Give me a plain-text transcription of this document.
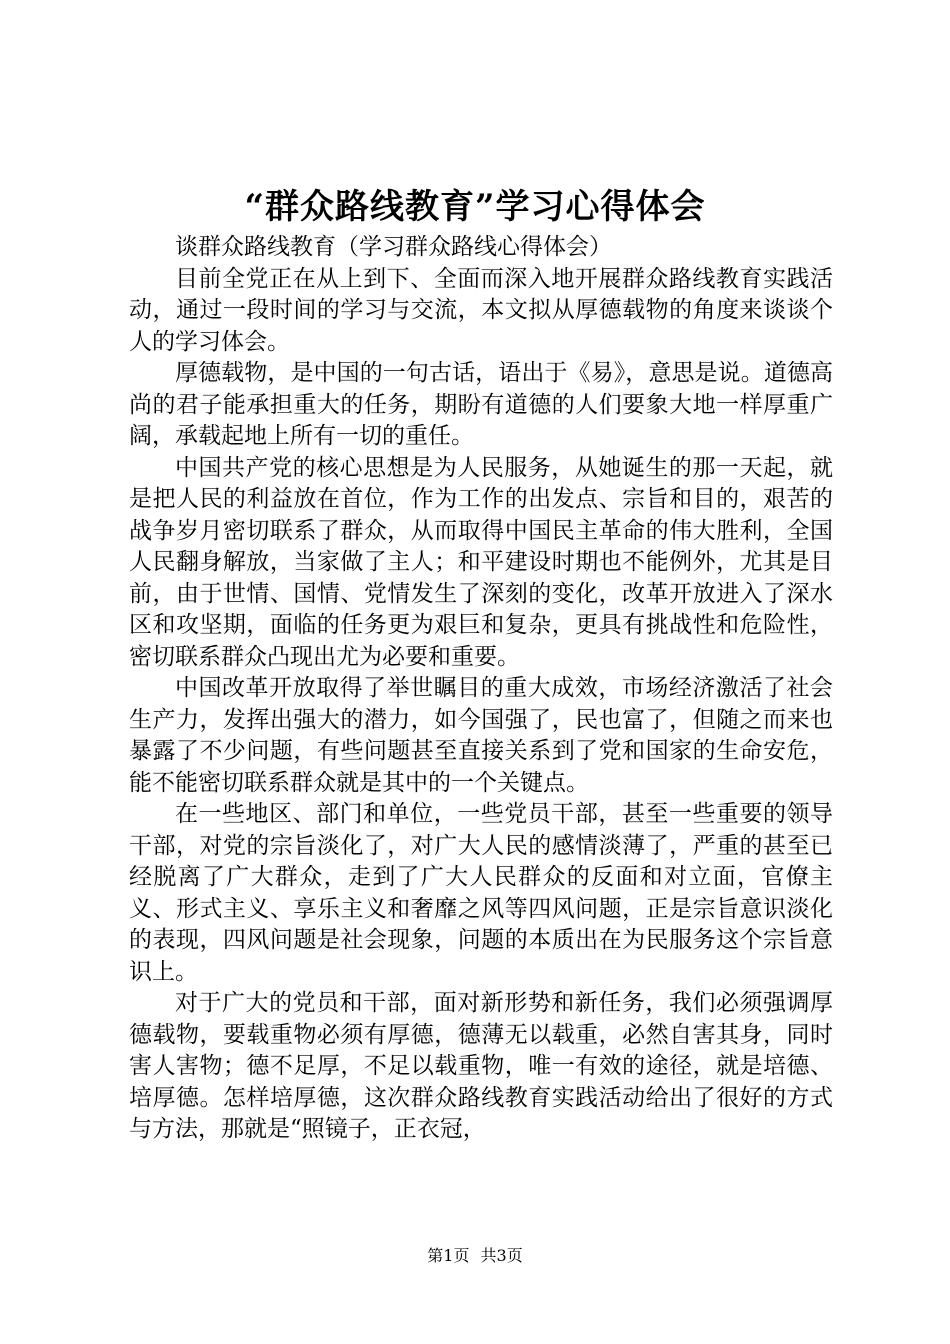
“群众路线教育”学习心得体会

谈群众路线教育（学习群众路线心得体会）

目前全党正在从上到下、全面而深入地开展群众路线教育实践活动，通过一段时间的学习与交流，本文拟从厚德载物的角度来谈谈个人的学习体会。

厚德载物，是中国的一句古话，语出于《易》，意思是说。道德高尚的君子能承担重大的任务，期盼有道德的人们要象大地一样厚重广阔，承载起地上所有一切的重任。

中国共产党的核心思想是为人民服务，从她诞生的那一天起，就是把人民的利益放在首位，作为工作的出发点、宗旨和目的，艰苦的战争岁月密切联系了群众，从而取得中国民主革命的伟大胜利，全国人民翻身解放，当家做了主人；和平建设时期也不能例外，尤其是目前，由于世情、国情、党情发生了深刻的变化，改革开放进入了深水区和攻坚期，面临的任务更为艰巨和复杂，更具有挑战性和危险性，密切联系群众凸现出尤为必要和重要。

中国改革开放取得了举世瞩目的重大成效，市场经济激活了社会生产力，发挥出强大的潜力，如今国强了，民也富了，但随之而来也暴露了不少问题，有些问题甚至直接关系到了党和国家的生命安危，能不能密切联系群众就是其中的一个关键点。

在一些地区、部门和单位，一些党员干部，甚至一些重要的领导干部，对党的宗旨淡化了，对广大人民的感情淡薄了，严重的甚至已经脱离了广大群众，走到了广大人民群众的反面和对立面，官僚主义、形式主义、享乐主义和奢靡之风等四风问题，正是宗旨意识淡化的表现，四风问题是社会现象，问题的本质出在为民服务这个宗旨意识上。

对于广大的党员和干部，面对新形势和新任务，我们必须强调厚德载物，要载重物必须有厚德，德薄无以载重，必然自害其身，同时害人害物；德不足厚，不足以载重物，唯一有效的途径，就是培德、培厚德。怎样培厚德，这次群众路线教育实践活动给出了很好的方式与方法，那就是“照镜子，正衣冠，

第1页 共3页
